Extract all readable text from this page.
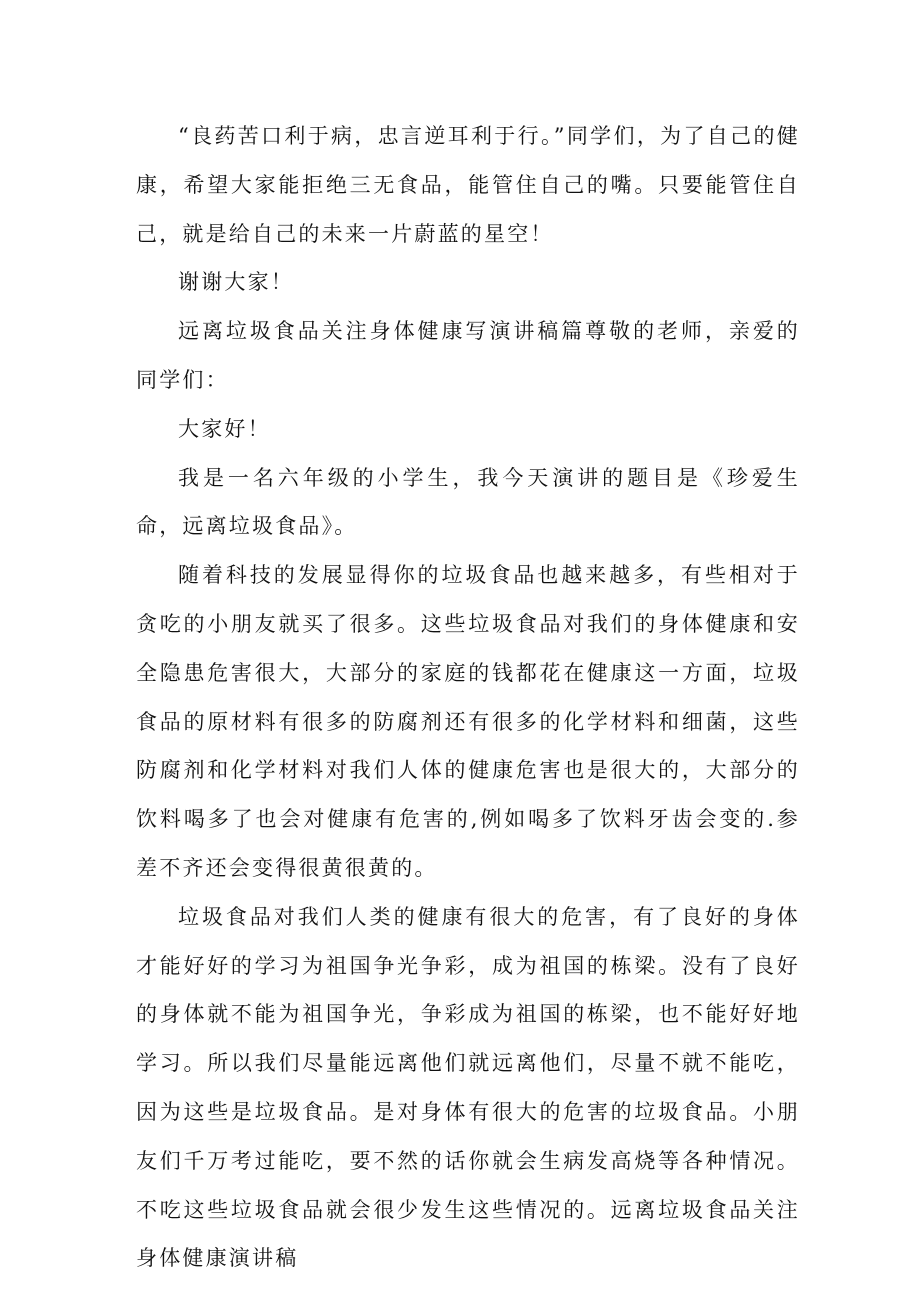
“良药苦口利于病，忠言逆耳利于行。”同学们，为了自己的健康，希望大家能拒绝三无食品，能管住自己的嘴。只要能管住自己，就是给自己的未来一片蔚蓝的星空！

谢谢大家！

远离垃圾食品关注身体健康写演讲稿篇尊敬的老师，亲爱的同学们：

大家好！

我是一名六年级的小学生，我今天演讲的题目是《珍爱生命，远离垃圾食品》。

随着科技的发展显得你的垃圾食品也越来越多，有些相对于贪吃的小朋友就买了很多。这些垃圾食品对我们的身体健康和安全隐患危害很大，大部分的家庭的钱都花在健康这一方面，垃圾食品的原材料有很多的防腐剂还有很多的化学材料和细菌，这些防腐剂和化学材料对我们人体的健康危害也是很大的，大部分的饮料喝多了也会对健康有危害的,例如喝多了饮料牙齿会变的.参差不齐还会变得很黄很黄的。

垃圾食品对我们人类的健康有很大的危害，有了良好的身体才能好好的学习为祖国争光争彩，成为祖国的栋梁。没有了良好的身体就不能为祖国争光，争彩成为祖国的栋梁，也不能好好地学习。所以我们尽量能远离他们就远离他们，尽量不就不能吃，因为这些是垃圾食品。是对身体有很大的危害的垃圾食品。小朋友们千万考过能吃，要不然的话你就会生病发高烧等各种情况。不吃这些垃圾食品就会很少发生这些情况的。远离垃圾食品关注身体健康演讲稿
